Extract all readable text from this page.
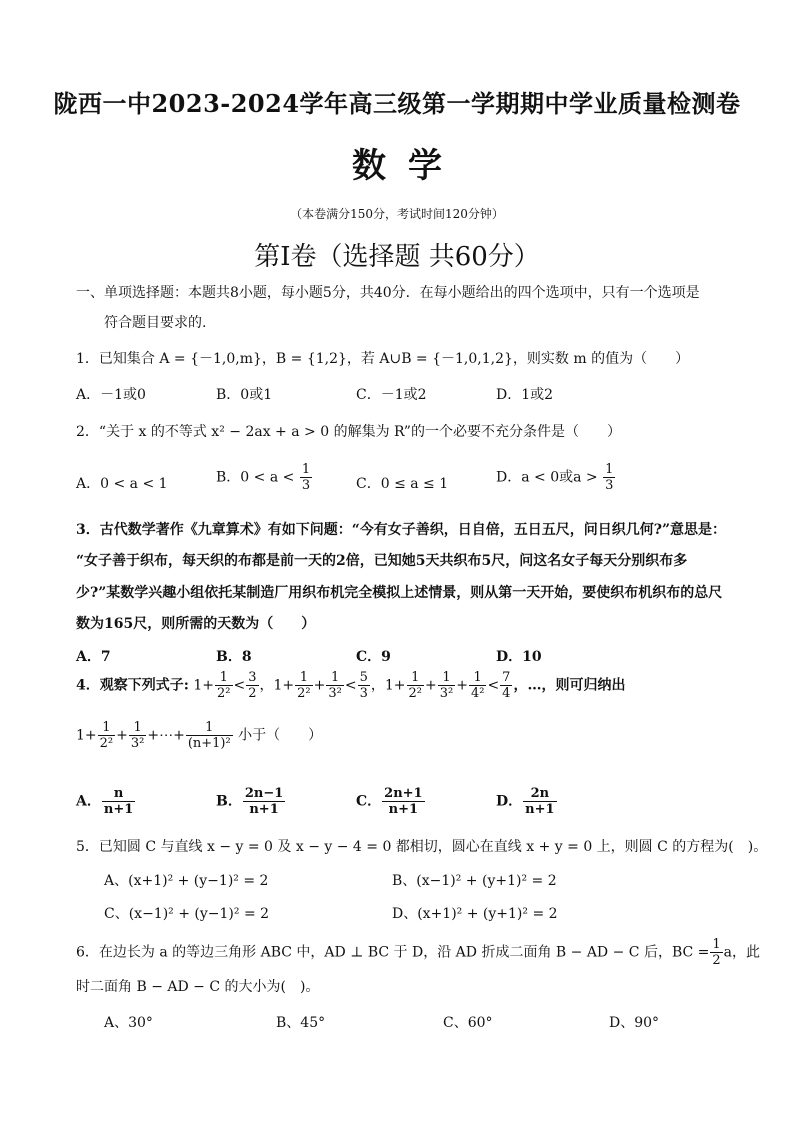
陇西一中2023-2024学年高三级第一学期期中学业质量检测卷
数学
（本卷满分150分，考试时间120分钟）
第Ⅰ卷（选择题 共60分）
一、单项选择题：本题共8小题，每小题5分，共40分．在每小题给出的四个选项中，只有一个选项是
符合题目要求的.
1．已知集合 A = {－1,0,m}，B = {1,2}，若 A∪B = {－1,0,1,2}，则实数 m 的值为（　　）
A．－1或0	B．0或1	C．－1或2	D．1或2
2．“关于 x 的不等式 x² − 2ax + a > 0 的解集为 R”的一个必要不充分条件是（　　）
A．0 < a < 1	B．$0 < a < \frac{1}{3}$	C．0 ≤ a ≤ 1	D．a < 0或$a > \frac{1}{3}$
3．古代数学著作《九章算术》有如下问题：“今有女子善织，日自倍，五日五尺，问日织几何?”意思是：
“女子善于织布，每天织的布都是前一天的2倍，已知她5天共织布5尺，问这名女子每天分别织布多
少?”某数学兴趣小组依托某制造厂用织布机完全模拟上述情景，则从第一天开始，要使织布机织布的总尺
数为165尺，则所需的天数为（　　）
A．7	B．8	C．9	D．10
4．观察下列式子: $1+ \frac{1}{\text{2²}} < \frac{3}{2}$ ，$1+ \frac{1}{\text{2²}} + \frac{1}{\text{3²}} < \frac{5}{3}$ ，$1+ \frac{1}{\text{2²}} + \frac{1}{\text{3²}} + \frac{1}{\text{4²}} < \frac{7}{4}$ ，…，则可归纳出
$1+ \frac{1}{\text{2²}} + \frac{1}{\text{3²}}$ +⋯+ $\frac{1}{\text{(n+1)²}}$ 小于（　　）
A． $\frac{n}{n+1}$	B． $\frac{2n-1}{n+1}$	C． $\frac{2n+1}{n+1}$	D． $\frac{2n}{n+1}$
5．已知圆 C 与直线 x − y = 0 及 x − y − 4 = 0 都相切，圆心在直线 x + y = 0 上，则圆 C 的方程为(　)。
A、(x+1)² + (y−1)² = 2	B、(x−1)² + (y+1)² = 2
C、(x−1)² + (y−1)² = 2	D、(x+1)² + (y+1)² = 2
6．在边长为 a 的等边三角形 ABC 中，AD ⊥ BC 于 D，沿 AD 折成二面角 B − AD − C 后，BC = $\frac{1}{2}$ a，此
时二面角 B − AD − C 的大小为(　)。
A、30°	B、45°	C、60°	D、90°
